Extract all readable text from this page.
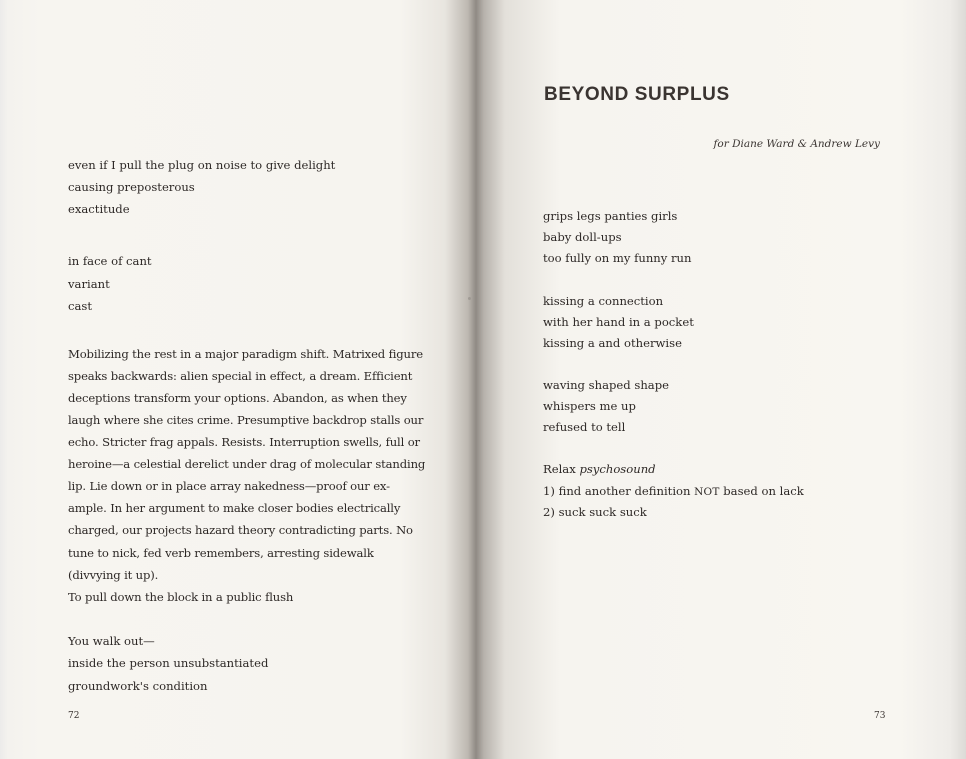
even if I pull the plug on noise to give delight
causing preposterous
exactitude
in face of cant
variant
cast
Mobilizing the rest in a major paradigm shift. Matrixed figure
speaks backwards: alien special in effect, a dream. Efficient
deceptions transform your options. Abandon, as when they
laugh where she cites crime. Presumptive backdrop stalls our
echo. Stricter frag appals. Resists. Interruption swells, full or
heroine—a celestial derelict under drag of molecular standing
lip. Lie down or in place array nakedness—proof our ex-
ample. In her argument to make closer bodies electrically
charged, our projects hazard theory contradicting parts. No
tune to nick, fed verb remembers, arresting sidewalk
(divvying it up).
To pull down the block in a public flush
You walk out—
inside the person unsubstantiated
groundwork's condition
72
BEYOND SURPLUS
for Diane Ward & Andrew Levy
grips legs panties girls
baby doll-ups
too fully on my funny run
kissing a connection
with her hand in a pocket
kissing a and otherwise
waving shaped shape
whispers me up
refused to tell
Relax psychosound
1) find another definition NOT based on lack
2) suck suck suck
73
